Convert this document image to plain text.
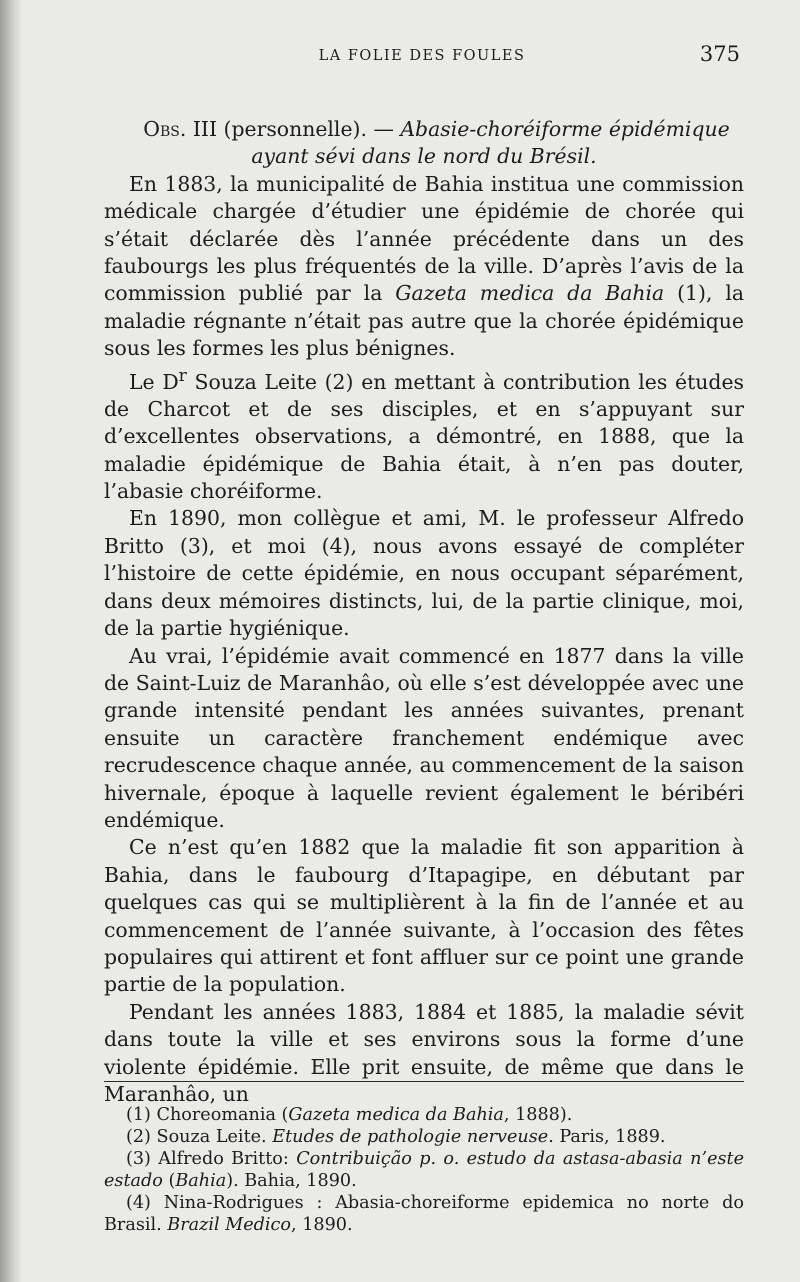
LA FOLIE DES FOULES	375

Obs. III (personnelle). — Abasie-choréiforme épidémique
ayant sévi dans le nord du Brésil.

En 1883, la municipalité de Bahia institua une commission médicale chargée d’étudier une épidémie de chorée qui s’était déclarée dès l’année précédente dans un des faubourgs les plus fréquentés de la ville. D’après l’avis de la commission publié par la Gazeta medica da Bahia (1), la maladie régnante n’était pas autre que la chorée épidémique sous les formes les plus bénignes.

Le $D^r$ Souza Leite (2) en mettant à contribution les études de Charcot et de ses disciples, et en s’appuyant sur d’excellentes observations, a démontré, en 1888, que la maladie épidémique de Bahia était, à n’en pas douter, l’abasie choréiforme.

En 1890, mon collègue et ami, M. le professeur Alfredo Britto (3), et moi (4), nous avons essayé de compléter l’histoire de cette épidémie, en nous occupant séparément, dans deux mémoires distincts, lui, de la partie clinique, moi, de la partie hygiénique.

Au vrai, l’épidémie avait commencé en 1877 dans la ville de Saint-Luiz de Maranhâo, où elle s’est développée avec une grande intensité pendant les années suivantes, prenant ensuite un caractère franchement endémique avec recrudescence chaque année, au commencement de la saison hivernale, époque à laquelle revient également le béribéri endémique.

Ce n’est qu’en 1882 que la maladie fit son apparition à Bahia, dans le faubourg d’Itapagipe, en débutant par quelques cas qui se multiplièrent à la fin de l’année et au commencement de l’année suivante, à l’occasion des fêtes populaires qui attirent et font affluer sur ce point une grande partie de la population.

Pendant les années 1883, 1884 et 1885, la maladie sévit dans toute la ville et ses environs sous la forme d’une violente épidémie. Elle prit ensuite, de même que dans le Maranhâo, un

(1) Choreomania (Gazeta medica da Bahia, 1888).

(2) Souza Leite. Etudes de pathologie nerveuse. Paris, 1889.

(3) Alfredo Britto: Contribuição p. o. estudo da astasa-abasia n’este estado (Bahia). Bahia, 1890.

(4) Nina-Rodrigues : Abasia-choreiforme epidemica no norte do Brasil. Brazil Medico, 1890.
